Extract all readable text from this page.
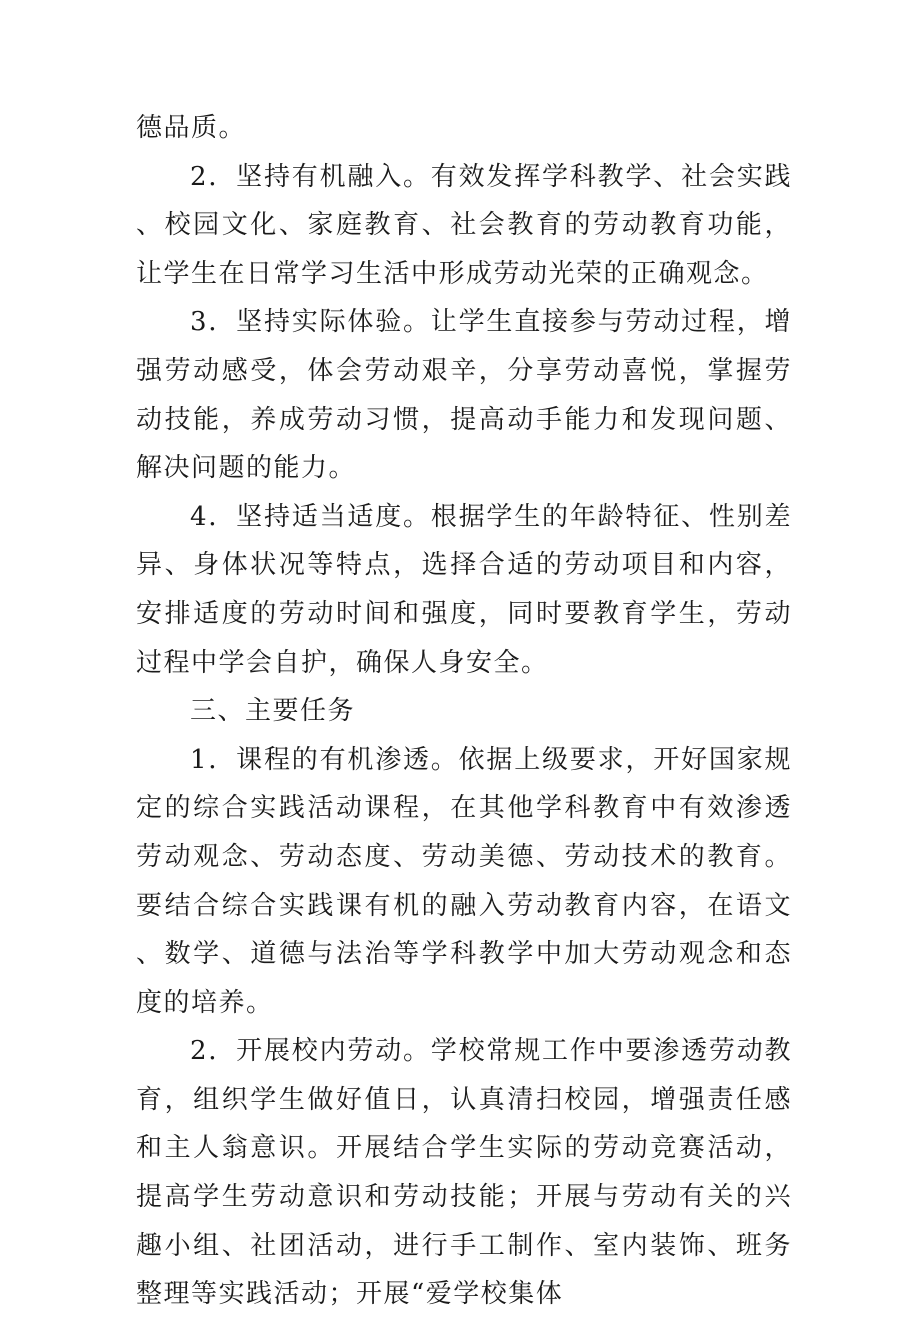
德品质。

2．坚持有机融入。有效发挥学科教学、社会实践、校园文化、家庭教育、社会教育的劳动教育功能，让学生在日常学习生活中形成劳动光荣的正确观念。

3．坚持实际体验。让学生直接参与劳动过程，增强劳动感受，体会劳动艰辛，分享劳动喜悦，掌握劳动技能，养成劳动习惯，提高动手能力和发现问题、解决问题的能力。

4．坚持适当适度。根据学生的年龄特征、性别差异、身体状况等特点，选择合适的劳动项目和内容，安排适度的劳动时间和强度，同时要教育学生，劳动过程中学会自护，确保人身安全。

三、主要任务

1．课程的有机渗透。依据上级要求，开好国家规定的综合实践活动课程，在其他学科教育中有效渗透劳动观念、劳动态度、劳动美德、劳动技术的教育。要结合综合实践课有机的融入劳动教育内容，在语文、数学、道德与法治等学科教学中加大劳动观念和态度的培养。

2．开展校内劳动。学校常规工作中要渗透劳动教育，组织学生做好值日，认真清扫校园，增强责任感和主人翁意识。开展结合学生实际的劳动竞赛活动，提高学生劳动意识和劳动技能；开展与劳动有关的兴趣小组、社团活动，进行手工制作、室内装饰、班务整理等实践活动；开展“爱学校集体
